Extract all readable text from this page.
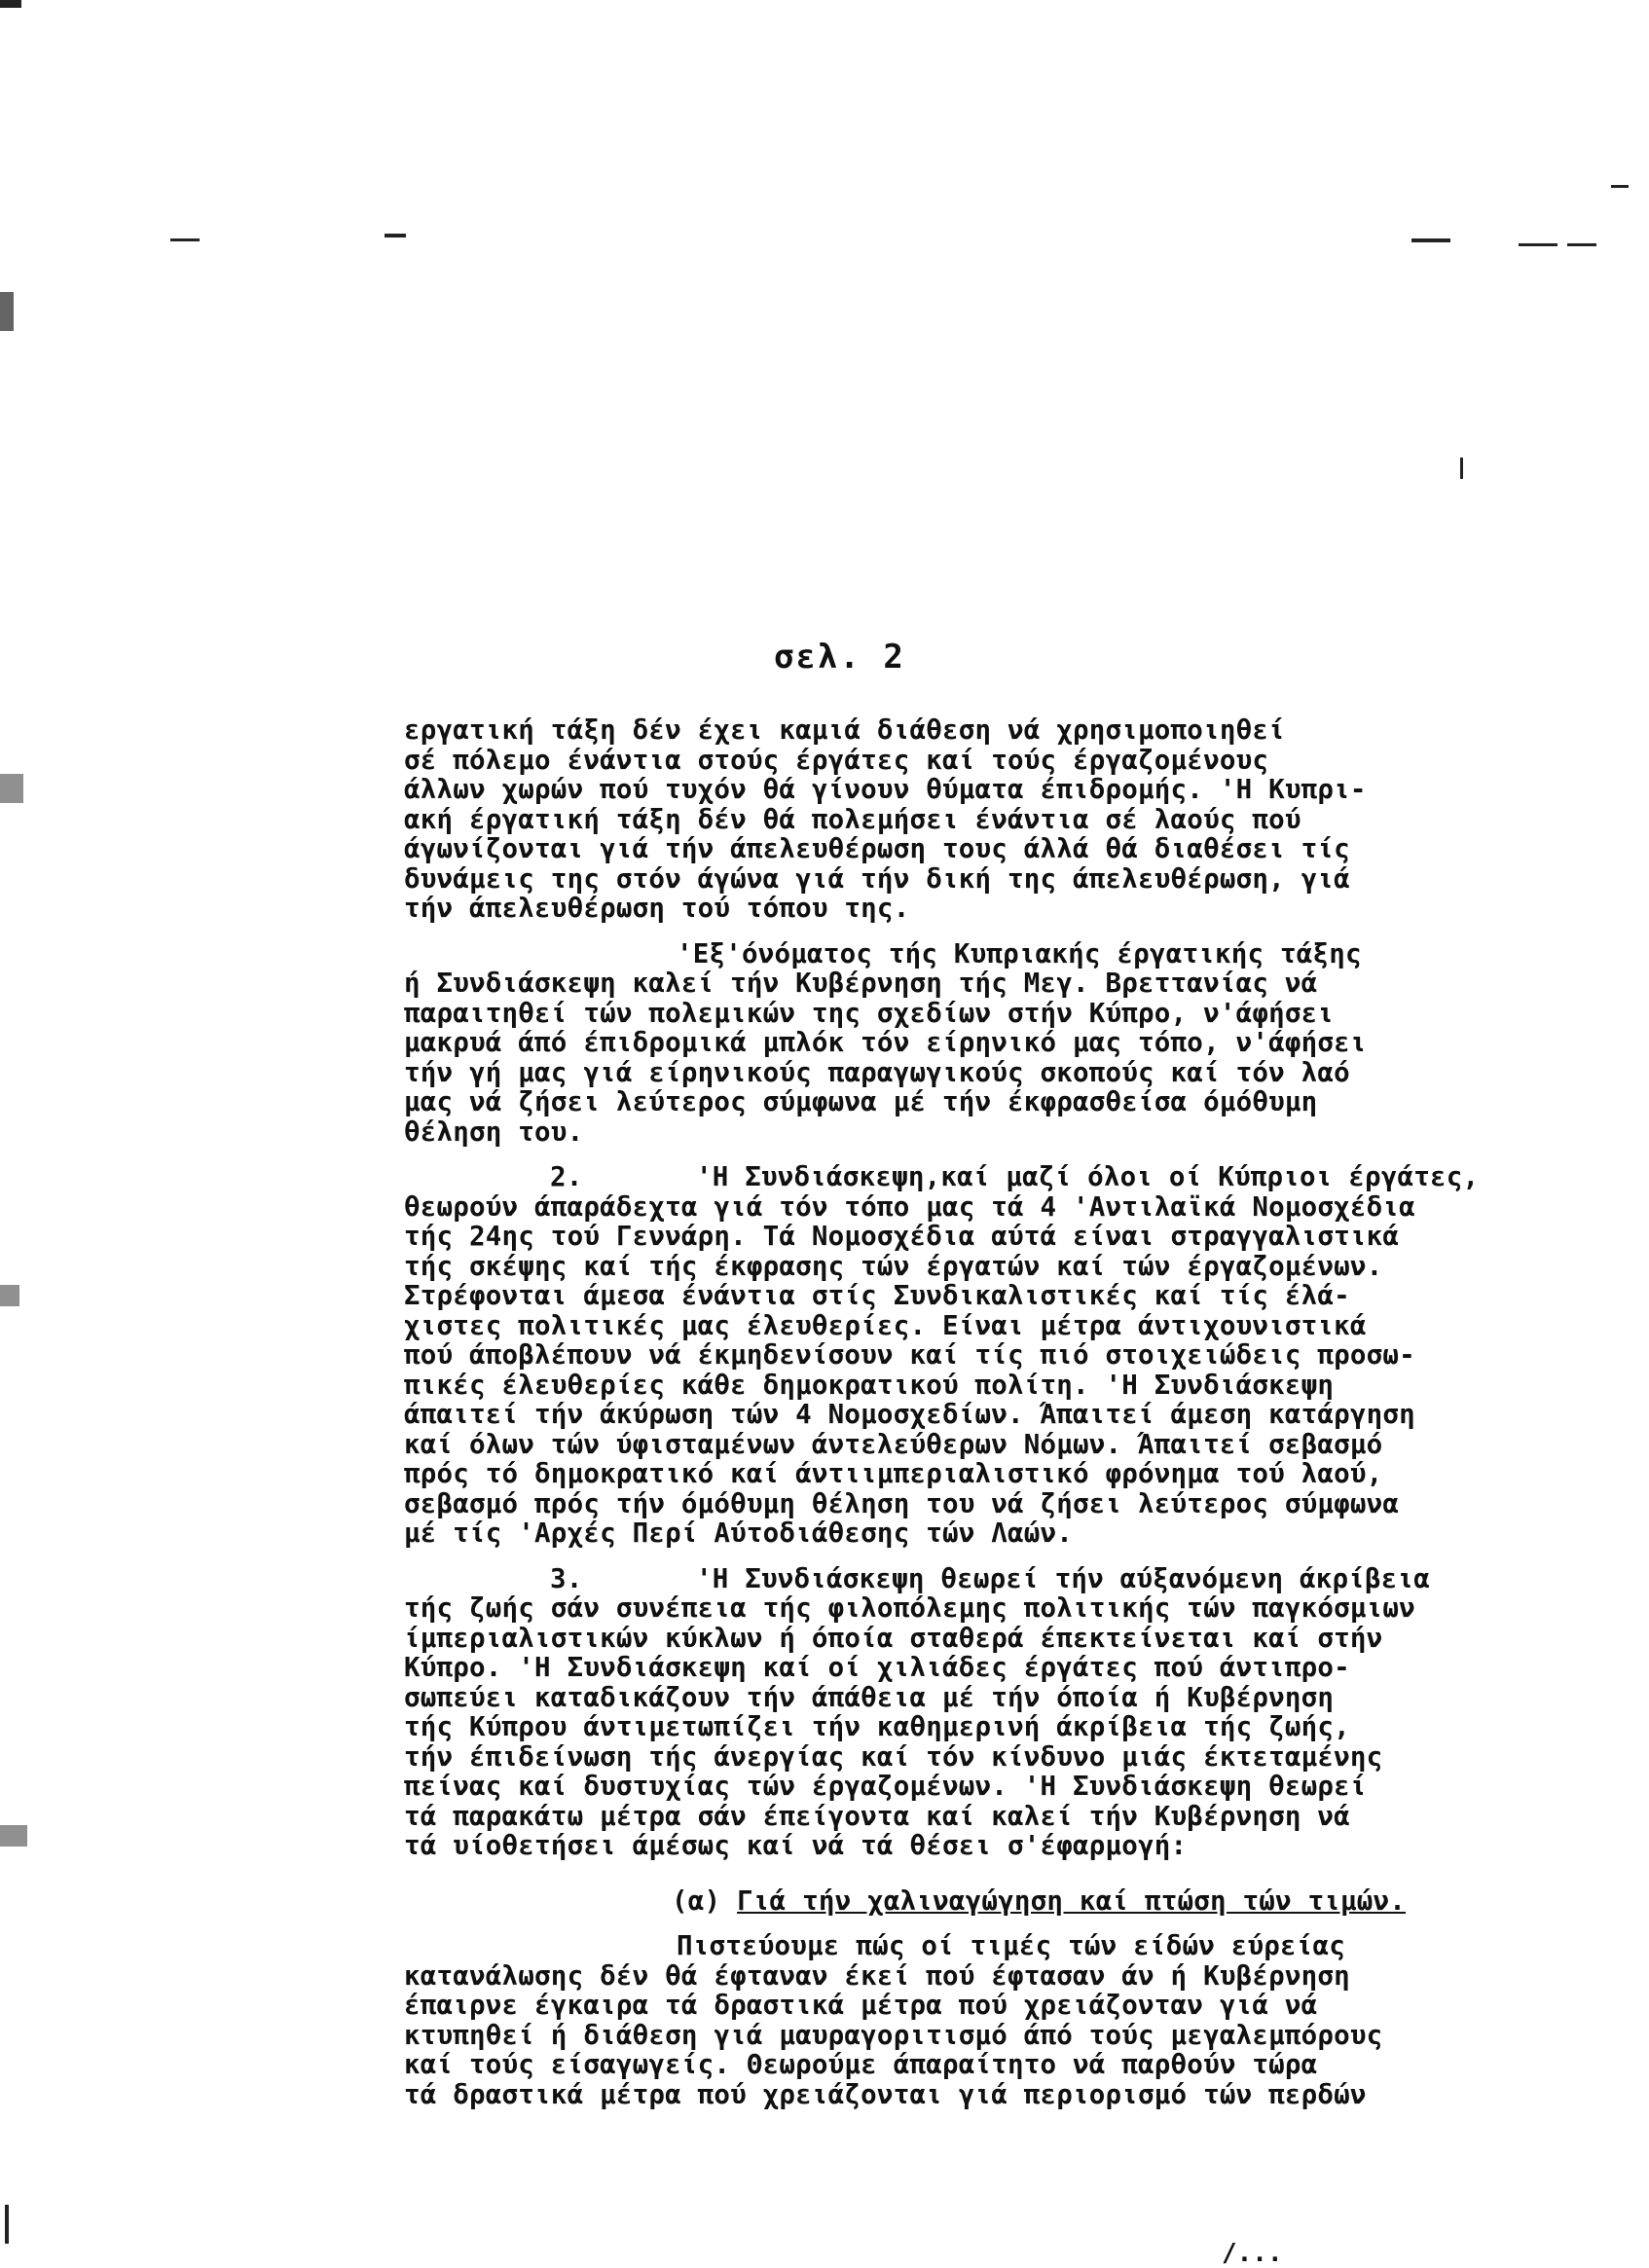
σελ. 2
εργατική τάξη δέν έχει καμιά διάθεση νά χρησιμοποιηθεί
σέ πόλεμο ένάντια στούς έργάτες καί τούς έργαζομένους
άλλων χωρών πού τυχόν θά γίνουν θύματα έπιδρομής. 'Η Κυπρι-
ακή έργατική τάξη δέν θά πολεμήσει ένάντια σέ λαούς πού
άγωνίζονται γιά τήν άπελευθέρωση τους άλλά θά διαθέσει τίς
δυνάμεις της στόν άγώνα γιά τήν δική της άπελευθέρωση, γιά
τήν άπελευθέρωση τού τόπου της.
'Εξ'όνόματος τής Κυπριακής έργατικής τάξης
ή Συνδιάσκεψη καλεί τήν Κυβέρνηση τής Μεγ. Βρεττανίας νά
παραιτηθεί τών πολεμικών της σχεδίων στήν Κύπρο, ν'άφήσει
μακρυά άπό έπιδρομικά μπλόκ τόν είρηνικό μας τόπο, ν'άφήσει
τήν γή μας γιά είρηνικούς παραγωγικούς σκοπούς καί τόν λαό
μας νά ζήσει λεύτερος σύμφωνα μέ τήν έκφρασθείσα όμόθυμη
θέληση του.
2.	'Η Συνδιάσκεψη,καί μαζί όλοι οί Κύπριοι έργάτες,
θεωρούν άπαράδεχτα γιά τόν τόπο μας τά 4 'Αντιλαϊκά Νομοσχέδια
τής 24ης τού Γεννάρη. Τά Νομοσχέδια αύτά είναι στραγγαλιστικά
τής σκέψης καί τής έκφρασης τών έργατών καί τών έργαζομένων.
Στρέφονται άμεσα ένάντια στίς Συνδικαλιστικές καί τίς έλά-
χιστες πολιτικές μας έλευθερίες. Είναι μέτρα άντιχουνιστικά
πού άποβλέπουν νά έκμηδενίσουν καί τίς πιό στοιχειώδεις προσω-
πικές έλευθερίες κάθε δημοκρατικού πολίτη. 'Η Συνδιάσκεψη
άπαιτεί τήν άκύρωση τών 4 Νομοσχεδίων. Άπαιτεί άμεση κατάργηση
καί όλων τών ύφισταμένων άντελεύθερων Νόμων. Άπαιτεί σεβασμό
πρός τό δημοκρατικό καί άντιιμπεριαλιστικό φρόνημα τού λαού,
σεβασμό πρός τήν όμόθυμη θέληση του νά ζήσει λεύτερος σύμφωνα
μέ τίς 'Αρχές Περί Αύτοδιάθεσης τών Λαών.
3.	'Η Συνδιάσκεψη θεωρεί τήν αύξανόμενη άκρίβεια
τής ζωής σάν συνέπεια τής φιλοπόλεμης πολιτικής τών παγκόσμιων
ίμπεριαλιστικών κύκλων ή όποία σταθερά έπεκτείνεται καί στήν
Κύπρο. 'Η Συνδιάσκεψη καί οί χιλιάδες έργάτες πού άντιπρο-
σωπεύει καταδικάζουν τήν άπάθεια μέ τήν όποία ή Κυβέρνηση
τής Κύπρου άντιμετωπίζει τήν καθημερινή άκρίβεια τής ζωής,
τήν έπιδείνωση τής άνεργίας καί τόν κίνδυνο μιάς έκτεταμένης
πείνας καί δυστυχίας τών έργαζομένων. 'Η Συνδιάσκεψη θεωρεί
τά παρακάτω μέτρα σάν έπείγοντα καί καλεί τήν Κυβέρνηση νά
τά υίοθετήσει άμέσως καί νά τά θέσει σ'έφαρμογή:
(α) Γιά τήν χαλιναγώγηση καί πτώση τών τιμών.
Πιστεύουμε πώς οί τιμές τών είδών εύρείας
κατανάλωσης δέν θά έφταναν έκεί πού έφτασαν άν ή Κυβέρνηση
έπαιρνε έγκαιρα τά δραστικά μέτρα πού χρειάζονταν γιά νά
κτυπηθεί ή διάθεση γιά μαυραγοριτισμό άπό τούς μεγαλεμπόρους
καί τούς είσαγωγείς. Θεωρούμε άπαραίτητο νά παρθούν τώρα
τά δραστικά μέτρα πού χρειάζονται γιά περιορισμό τών περδών
/...
